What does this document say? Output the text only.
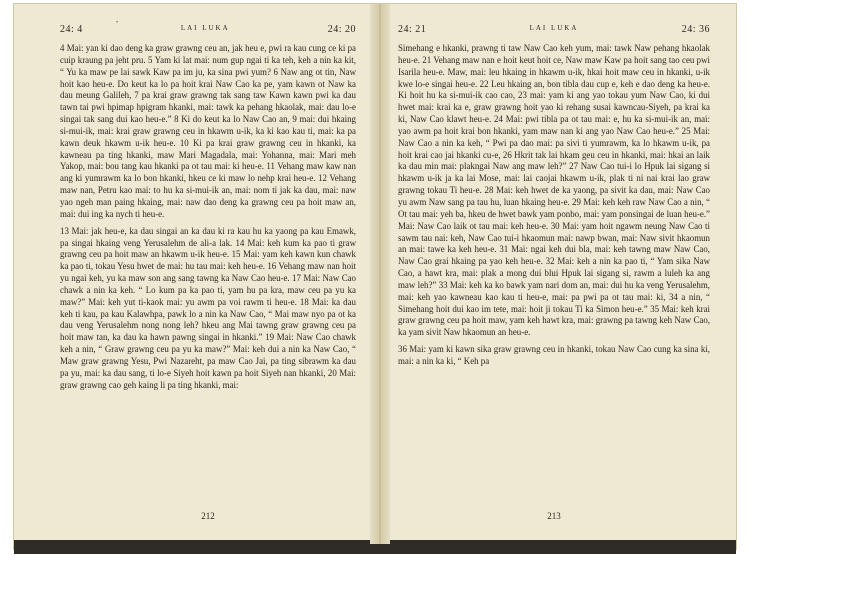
•
24: 4	LAI LUKA	24: 20

4 Mai: yan ki dao deng ka graw grawng ceu an, jak heu e, pwi ra kau cung ce ki pa cuip kraung pa jeht pru. 5 Yam ki lat mai: num gup ngai ti ka teh, keh a nin ka kit, “ Yu ka maw pe lai sawk Kaw pa im ju, ka sina pwi yum? 6 Naw ang ot tin, Naw hoit kao heu-e. Do keut ka lo pa hoit krai Naw Cao ka pe, yam kawn ot Naw ka dau meung Galileh, 7 pa krai graw grawng tak sang taw Kawn kawn pwi ka dau tawn tai pwi hpimap hpigram hkanki, mai: tawk ka pehang hkaolak, mai: dau lo-e singai tak sang dui kao heu-e.” 8 Ki do keut ka lo Naw Cao an, 9 mai: dui hkaing si-mui-ik, mai: krai graw grawng ceu in hkawm u-ik, ka ki kao kau ti, mai: ka pa kawn deuk hkawm u-ik heu-e. 10 Ki pa krai graw grawng ceu in hkanki, ka kawneau pa ting hkanki, maw Mari Magadala, mai: Yohanna, mai: Mari meh Yakop, mai: bou tang kau hkanki pa ot tau mai: ki heu-e. 11 Vehang maw kaw nan ang ki yumrawm ka lo bon hkanki, hkeu ce ki maw lo nehp krai heu-e. 12 Vehang maw nan, Petru kao mai: to hu ka si-mui-ik an, mai: nom ti jak ka dau, mai: naw yao ngeh man paing hkaing, mai: naw dao deng ka grawng ceu pa hoit maw an, mai: dui ing ka nych ti heu-e.

13 Mai: jak heu-e, ka dau singai an ka dau ki ra kau hu ka yaong pa kau Emawk, pa singai hkaing veng Yerusalehm de ali-a lak. 14 Mai: keh kum ka pao ti graw grawng ceu pa hoit maw an hkawm u-ik heu-e. 15 Mai: yam keh kawn kun chawk ka pao ti, tokau Yesu hwet de mai: hu tau mai: keh heu-e. 16 Vehang maw nan hoit yu ngai keh, yu ka maw son ang sang tawng ka Naw Cao heu-e. 17 Mai: Naw Cao chawk a nin ka keh. “ Lo kum pa ka pao ti, yam hu pa kra, maw ceu pa yu ka maw?” Mai: keh yut ti-kaok mai: yu awm pa voi rawm ti heu-e. 18 Mai: ka dau keh ti kau, pa kau Kalawhpa, pawk lo a nin ka Naw Cao, “ Mai maw nyo pa ot ka dau veng Yerusalehm nong nong leh? hkeu ang Mai tawng graw grawng ceu pa hoit maw tan, ka dau ka hawn pawng singai in hkanki.” 19 Mai: Naw Cao chawk keh a nin, “ Graw grawng ceu pa yu ka maw?” Mai: keh dui a nin ka Naw Cao, “ Maw graw grawng Yesu, Pwi Nazareht, pa maw Cao Jai, pa ting sibrawm ka dau pa yu, mai: ka dau sang, ti lo-e Siyeh hoit kawn pa hoit Siyeh nan hkanki, 20 Mai: graw grawng cao geh kaing li pa ting hkanki, mai:

212
24: 21	LAI LUKA	24: 36

Simehang e hkanki, prawng ti taw Naw Cao keh yum, mai: tawk Naw pehang hkaolak heu-e. 21 Vehang maw nan e hoit keut hoit ce, Naw maw Kaw pa hoit sang tao ceu pwi Isarila heu-e. Maw, mai: leu hkaing in hkawm u-ik, hkai hoit maw ceu in hkanki, u-ik kwe lo-e singai heu-e. 22 Leu hkaing an, bon tibla dau cup e, keh e dao deng ka heu-e. Ki hoit hu ka si-mui-ik cao cao, 23 mai: yam ki ang yao tokau yum Naw Cao, ki dui hwet mai: krai ka e, graw grawng hoit yao ki rehang susai kawncau-Siyeh, pa krai ka ki, Naw Cao klawt heu-e. 24 Mai: pwi tibla pa ot tau mai: e, hu ka si-mui-ik an, mai: yao awm pa hoit krai bon hkanki, yam maw nan ki ang yao Naw Cao heu-e.” 25 Mai: Naw Cao a nin ka keh, “ Pwi pa dao mai: pa sivi ti yumrawm, ka lo hkawm u-ik, pa hoit krai cao jai hkanki cu-e, 26 Hkrit tak lai hkam geu ceu in hkanki, mai: hkai an laik ka dau min mai: plakngai Naw ang maw leh?” 27 Naw Cao tui-i lo Hpuk lai sigang si hkawm u-ik ja ka lai Mose, mai: lai caojai hkawm u-ik, plak ti ni nai krai lao graw grawng tokau Ti heu-e. 28 Mai: keh hwet de ka yaong, pa sivit ka dau, mai: Naw Cao yu awm Naw sang pa tau hu, luan hkaing heu-e. 29 Mai: keh keh raw Naw Cao a nin, “ Ot tau mai: yeh ba, hkeu de hwet bawk yam ponbo, mai: yam ponsingai de luan heu-e.” Mai: Naw Cao laik ot tau mai: keh heu-e. 30 Mai: yam hoit ngawm neung Naw Cao ti sawm tau nai: keh, Naw Cao tui-i hkaomun mai: nawp bwan, mai: Naw sivit hkaomun an mai: tawe ka keh heu-e. 31 Mai: ngai keh dui bla, mai: keh tawng maw Naw Cao, Naw Cao grai hkaing pa yao keh heu-e. 32 Mai: keh a nin ka pao ti, “ Yam sika Naw Cao, a hawt kra, mai: plak a mong dui blui Hpuk lai sigang si, rawm a luleh ka ang maw leh?” 33 Mai: keh ka ko bawk yam nari dom an, mai: dui hu ka veng Yerusalehm, mai: keh yao kawneau kao kau ti heu-e, mai: pa pwi pa ot tau mai: ki, 34 a nin, “ Simehang hoit dui kao im tete, mai: hoit ji tokau Ti ka Simon heu-e.” 35 Mai: keh krai graw grawng ceu pa hoit maw, yam keh hawt kra, mai: grawng pa tawng keh Naw Cao, ka yam sivit Naw hkaomun an heu-e.

36 Mai: yam ki kawn sika graw grawng ceu in hkanki, tokau Naw Cao cung ka sina ki, mai: a nin ka ki, “ Keh pa

213
